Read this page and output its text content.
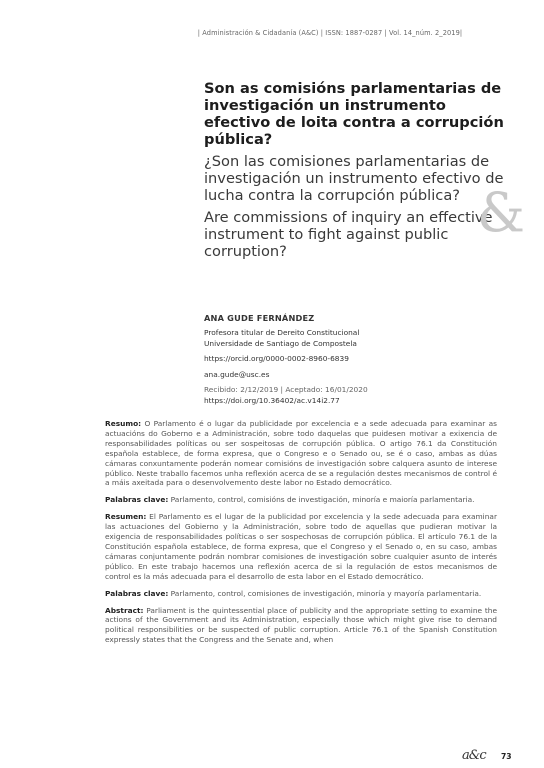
| Administración & Cidadanía (A&C) | ISSN: 1887-0287 | Vol. 14_núm. 2_2019|
Son as comisións parlamentarias de investigación un instrumento efectivo de loita contra a corrupción pública?
¿Son las comisiones parlamentarias de investigación un instrumento efectivo de lucha contra la corrupción pública?
Are commissions of inquiry an effective instrument to fight against public corruption?
&
ANA GUDE FERNÁNDEZ
Profesora titular de Dereito Constitucional
Universidade de Santiago de Compostela
https://orcid.org/0000-0002-8960-6839
ana.gude@usc.es
Recibido: 2/12/2019 | Aceptado: 16/01/2020
https://doi.org/10.36402/ac.v14i2.77

Resumo: O Parlamento é o lugar da publicidade por excelencia e a sede adecuada para examinar as actuacións do Goberno e a Administración, sobre todo daquelas que puidesen motivar a exixencia de responsabilidades políticas ou ser sospeitosas de corrupción pública. O artigo 76.1 da Constitución española establece, de forma expresa, que o Congreso e o Senado ou, se é o caso, ambas as dúas cámaras conxuntamente poderán nomear comisións de investigación sobre calquera asunto de interese público. Neste traballo facemos unha reflexión acerca de se a regulación destes mecanismos de control é a máis axeitada para o desenvolvemento deste labor no Estado democrático.

Palabras clave: Parlamento, control, comisións de investigación, minoría e maioría parlamentaria.

Resumen: El Parlamento es el lugar de la publicidad por excelencia y la sede adecuada para examinar las actuaciones del Gobierno y la Administración, sobre todo de aquellas que pudieran motivar la exigencia de responsabilidades políticas o ser sospechosas de corrupción pública. El artículo 76.1 de la Constitución española establece, de forma expresa, que el Congreso y el Senado o, en su caso, ambas cámaras conjuntamente podrán nombrar comisiones de investigación sobre cualquier asunto de interés público. En este trabajo hacemos una reflexión acerca de si la regulación de estos mecanismos de control es la más adecuada para el desarrollo de esta labor en el Estado democrático.

Palabras clave: Parlamento, control, comisiones de investigación, minoría y mayoría parlamentaria.

Abstract: Parliament is the quintessential place of publicity and the appropriate setting to examine the actions of the Government and its Administration, especially those which might give rise to demand political responsibilities or be suspected of public corruption. Article 76.1 of the Spanish Constitution expressly states that the Congress and the Senate and, when

a&c 73
